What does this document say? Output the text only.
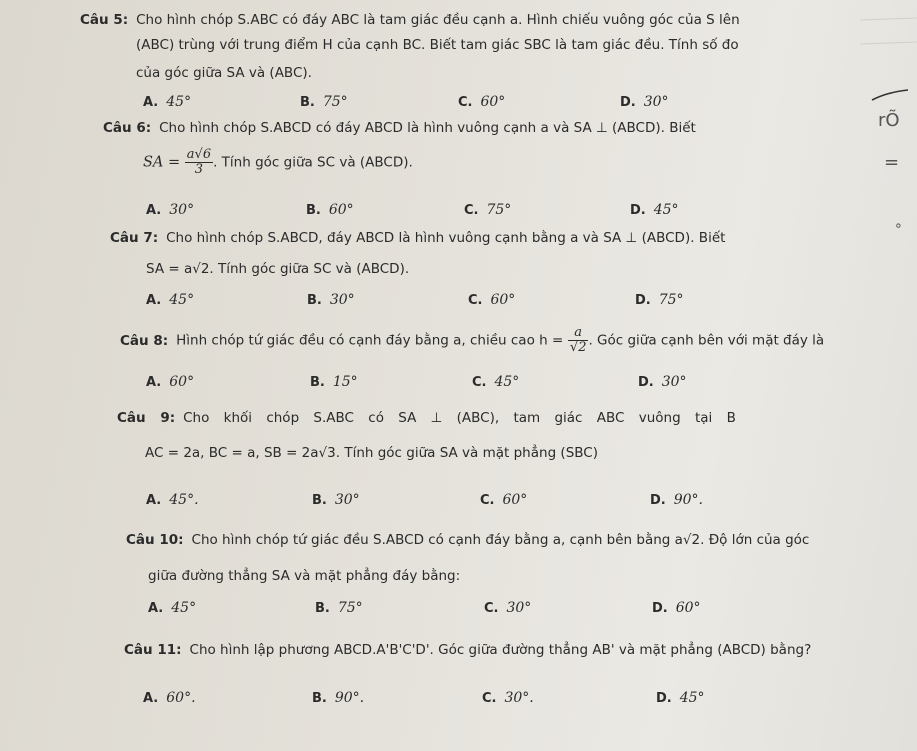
Câu 5: Cho hình chóp S.ABC có đáy ABC là tam giác đều cạnh a. Hình chiếu vuông góc của S lên
(ABC) trùng với trung điểm H của cạnh BC. Biết tam giác SBC là tam giác đều. Tính số đo
của góc giữa SA và (ABC).
A. 45°	B. 75°	C. 60°	D. 30°
Câu 6: Cho hình chóp S.ABCD có đáy ABCD là hình vuông cạnh a và SA ⊥ (ABCD). Biết
SA = $\frac{a√6}{3}$ . Tính góc giữa SC và (ABCD).
A. 30°	B. 60°	C. 75°	D. 45°
Câu 7: Cho hình chóp S.ABCD, đáy ABCD là hình vuông cạnh bằng a và SA ⊥ (ABCD). Biết
SA = a√2. Tính góc giữa SC và (ABCD).
A. 45°	B. 30°	C. 60°	D. 75°
Câu 8: Hình chóp tứ giác đều có cạnh đáy bằng a, chiều cao $h = \frac{a}{√2}$ . Góc giữa cạnh bên với mặt đáy là
A. 60°	B. 15°	C. 45°	D. 30°
Câu 9: Cho khối chóp S.ABC có SA ⊥ (ABC), tam giác ABC vuông tại B
AC = 2a, BC = a, SB = 2a√3. Tính góc giữa SA và mặt phẳng (SBC)
A. 45°.	B. 30°	C. 60°	D. 90°.
Câu 10: Cho hình chóp tứ giác đều S.ABCD có cạnh đáy bằng a, cạnh bên bằng a√2. Độ lớn của góc
giữa đường thẳng SA và mặt phẳng đáy bằng:
A. 45°	B. 75°	C. 30°	D. 60°
Câu 11: Cho hình lập phương ABCD.A'B'C'D'. Góc giữa đường thẳng AB' và mặt phẳng (ABCD) bằng?
A. 60°.	B. 90°.	C. 30°.	D. 45°
rÕ
=
∘
